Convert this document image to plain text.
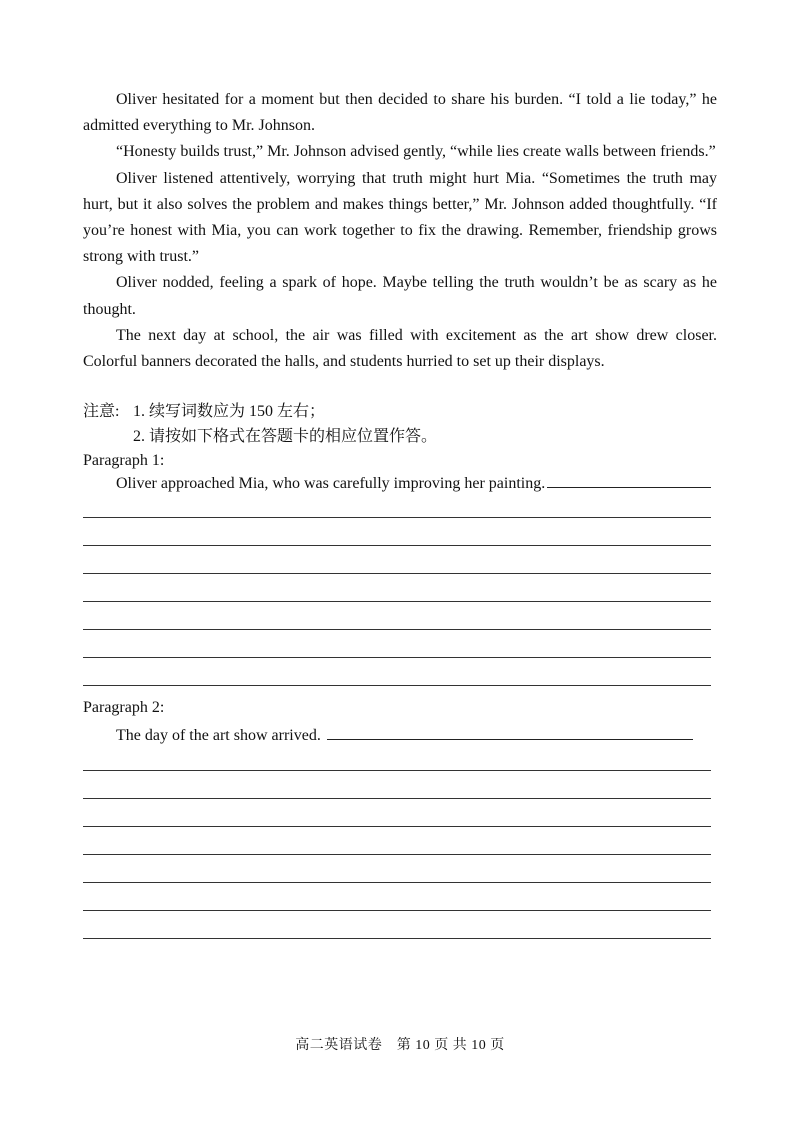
Oliver hesitated for a moment but then decided to share his burden. “I told a lie today,” he admitted everything to Mr. Johnson.

“Honesty builds trust,” Mr. Johnson advised gently, “while lies create walls between friends.”

Oliver listened attentively, worrying that truth might hurt Mia. “Sometimes the truth may hurt, but it also solves the problem and makes things better,” Mr. Johnson added thoughtfully. “If you’re honest with Mia, you can work together to fix the drawing. Remember, friendship grows strong with trust.”

Oliver nodded, feeling a spark of hope. Maybe telling the truth wouldn’t be as scary as he thought.

The next day at school, the air was filled with excitement as the art show drew closer. Colorful banners decorated the halls, and students hurried to set up their displays.

注意: 1. 续写词数应为 150 左右；
2. 请按如下格式在答题卡的相应位置作答。
Paragraph 1:
Oliver approached Mia, who was carefully improving her painting.
Paragraph 2:
The day of the art show arrived.
高二英语试卷　第 10 页 共 10 页
